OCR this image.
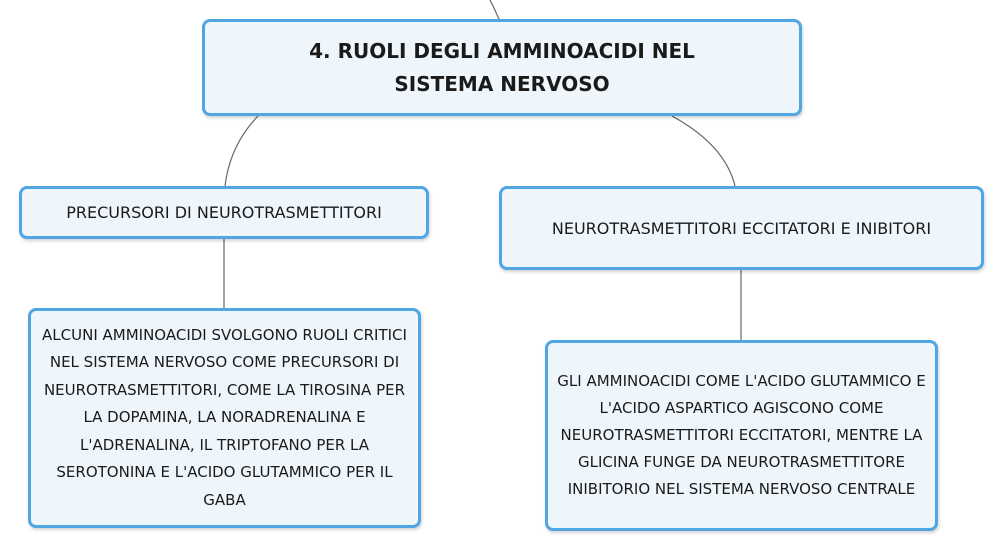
4. RUOLI DEGLI AMMINOACIDI NEL SISTEMA NERVOSO
PRECURSORI DI NEUROTRASMETTITORI
NEUROTRASMETTITORI ECCITATORI E INIBITORI
ALCUNI AMMINOACIDI SVOLGONO RUOLI CRITICI NEL SISTEMA NERVOSO COME PRECURSORI DI NEUROTRASMETTITORI, COME LA TIROSINA PER LA DOPAMINA, LA NORADRENALINA E L'ADRENALINA, IL TRIPTOFANO PER LA SEROTONINA E L'ACIDO GLUTAMMICO PER IL GABA
GLI AMMINOACIDI COME L'ACIDO GLUTAMMICO E L'ACIDO ASPARTICO AGISCONO COME NEUROTRASMETTITORI ECCITATORI, MENTRE LA GLICINA FUNGE DA NEUROTRASMETTITORE INIBITORIO NEL SISTEMA NERVOSO CENTRALE
